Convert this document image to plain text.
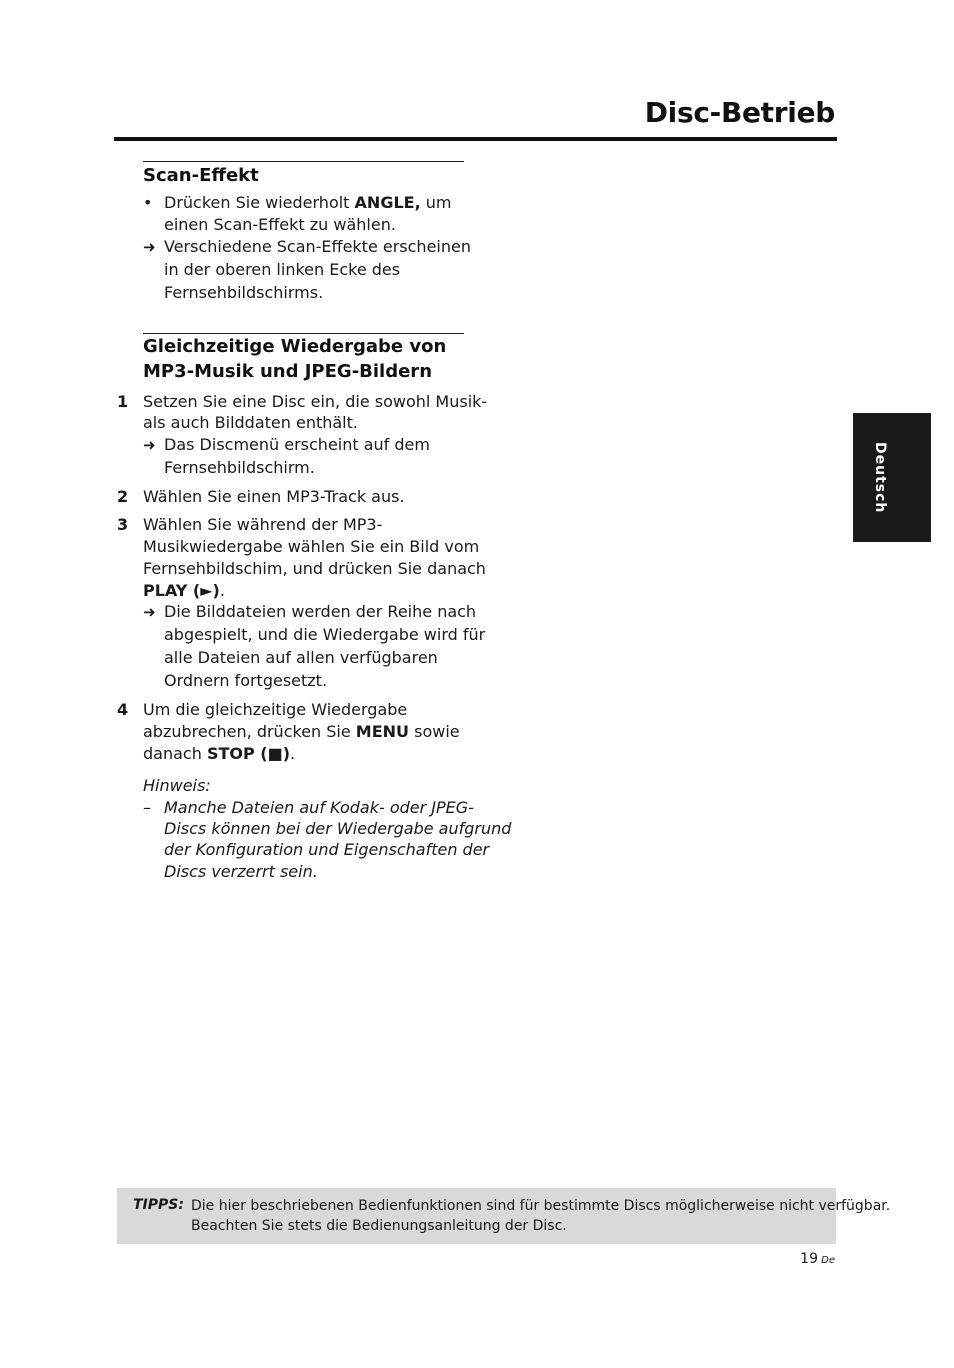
Disc-Betrieb
Deutsch
Scan-Effekt
• Drücken Sie wiederholt ANGLE, um
einen Scan-Effekt zu wählen.
➜ Verschiedene Scan-Effekte erscheinen
in der oberen linken Ecke des
Fernsehbildschirms.
Gleichzeitige Wiedergabe von
MP3-Musik und JPEG-Bildern
1 Setzen Sie eine Disc ein, die sowohl Musik-
als auch Bilddaten enthält.
➜ Das Discmenü erscheint auf dem
Fernsehbildschirm.
2 Wählen Sie einen MP3-Track aus.
3 Wählen Sie während der MP3-
Musikwiedergabe wählen Sie ein Bild vom
Fernsehbildschim, und drücken Sie danach
PLAY (►).
➜ Die Bilddateien werden der Reihe nach
abgespielt, und die Wiedergabe wird für
alle Dateien auf allen verfügbaren
Ordnern fortgesetzt.
4 Um die gleichzeitige Wiedergabe
abzubrechen, drücken Sie MENU sowie
danach STOP (■).
Hinweis:
– Manche Dateien auf Kodak- oder JPEG-
Discs können bei der Wiedergabe aufgrund
der Konfiguration und Eigenschaften der
Discs verzerrt sein.
TIPPS: Die hier beschriebenen Bedienfunktionen sind für bestimmte Discs möglicherweise nicht verfügbar.
Beachten Sie stets die Bedienungsanleitung der Disc.
19 De
